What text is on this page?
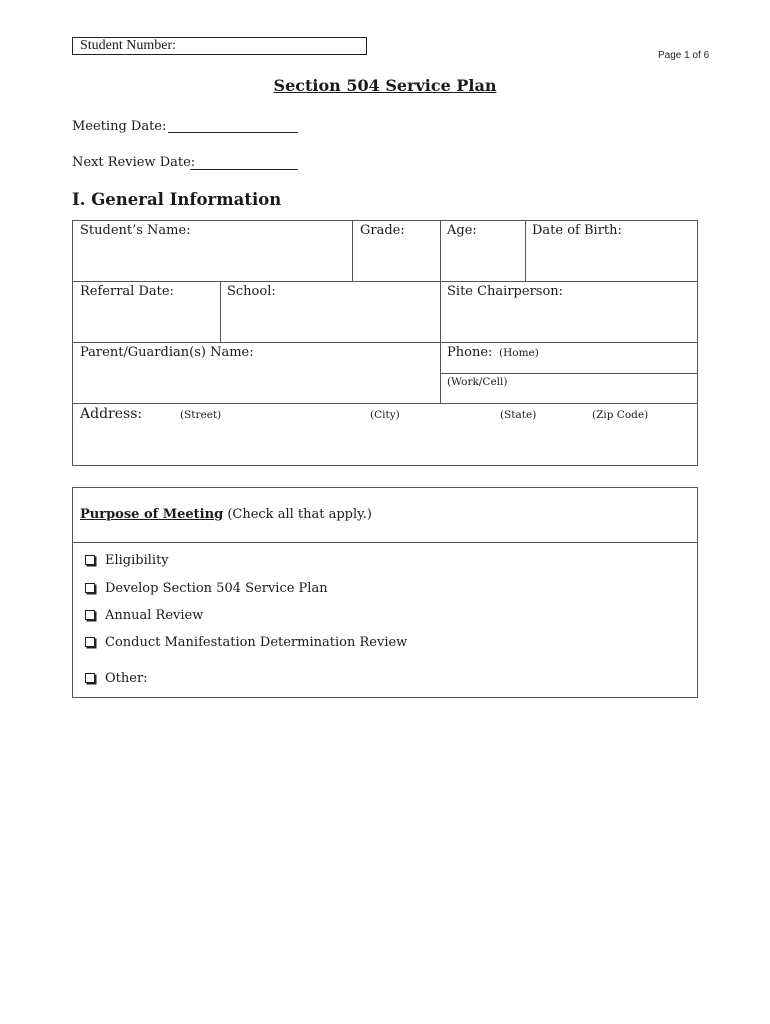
Student Number:
Page 1 of 6
Section 504 Service Plan
Meeting Date:
Next Review Date:
I. General Information
Student’s Name:	Grade:	Age:	Date of Birth:
Referral Date:	School:	Site Chairperson:
Parent/Guardian(s) Name:	Phone: (Home)
(Work/Cell)
Address:	(Street)	(City)	(State)	(Zip Code)
Purpose of Meeting (Check all that apply.)
Eligibility
Develop Section 504 Service Plan
Annual Review
Conduct Manifestation Determination Review
Other:
